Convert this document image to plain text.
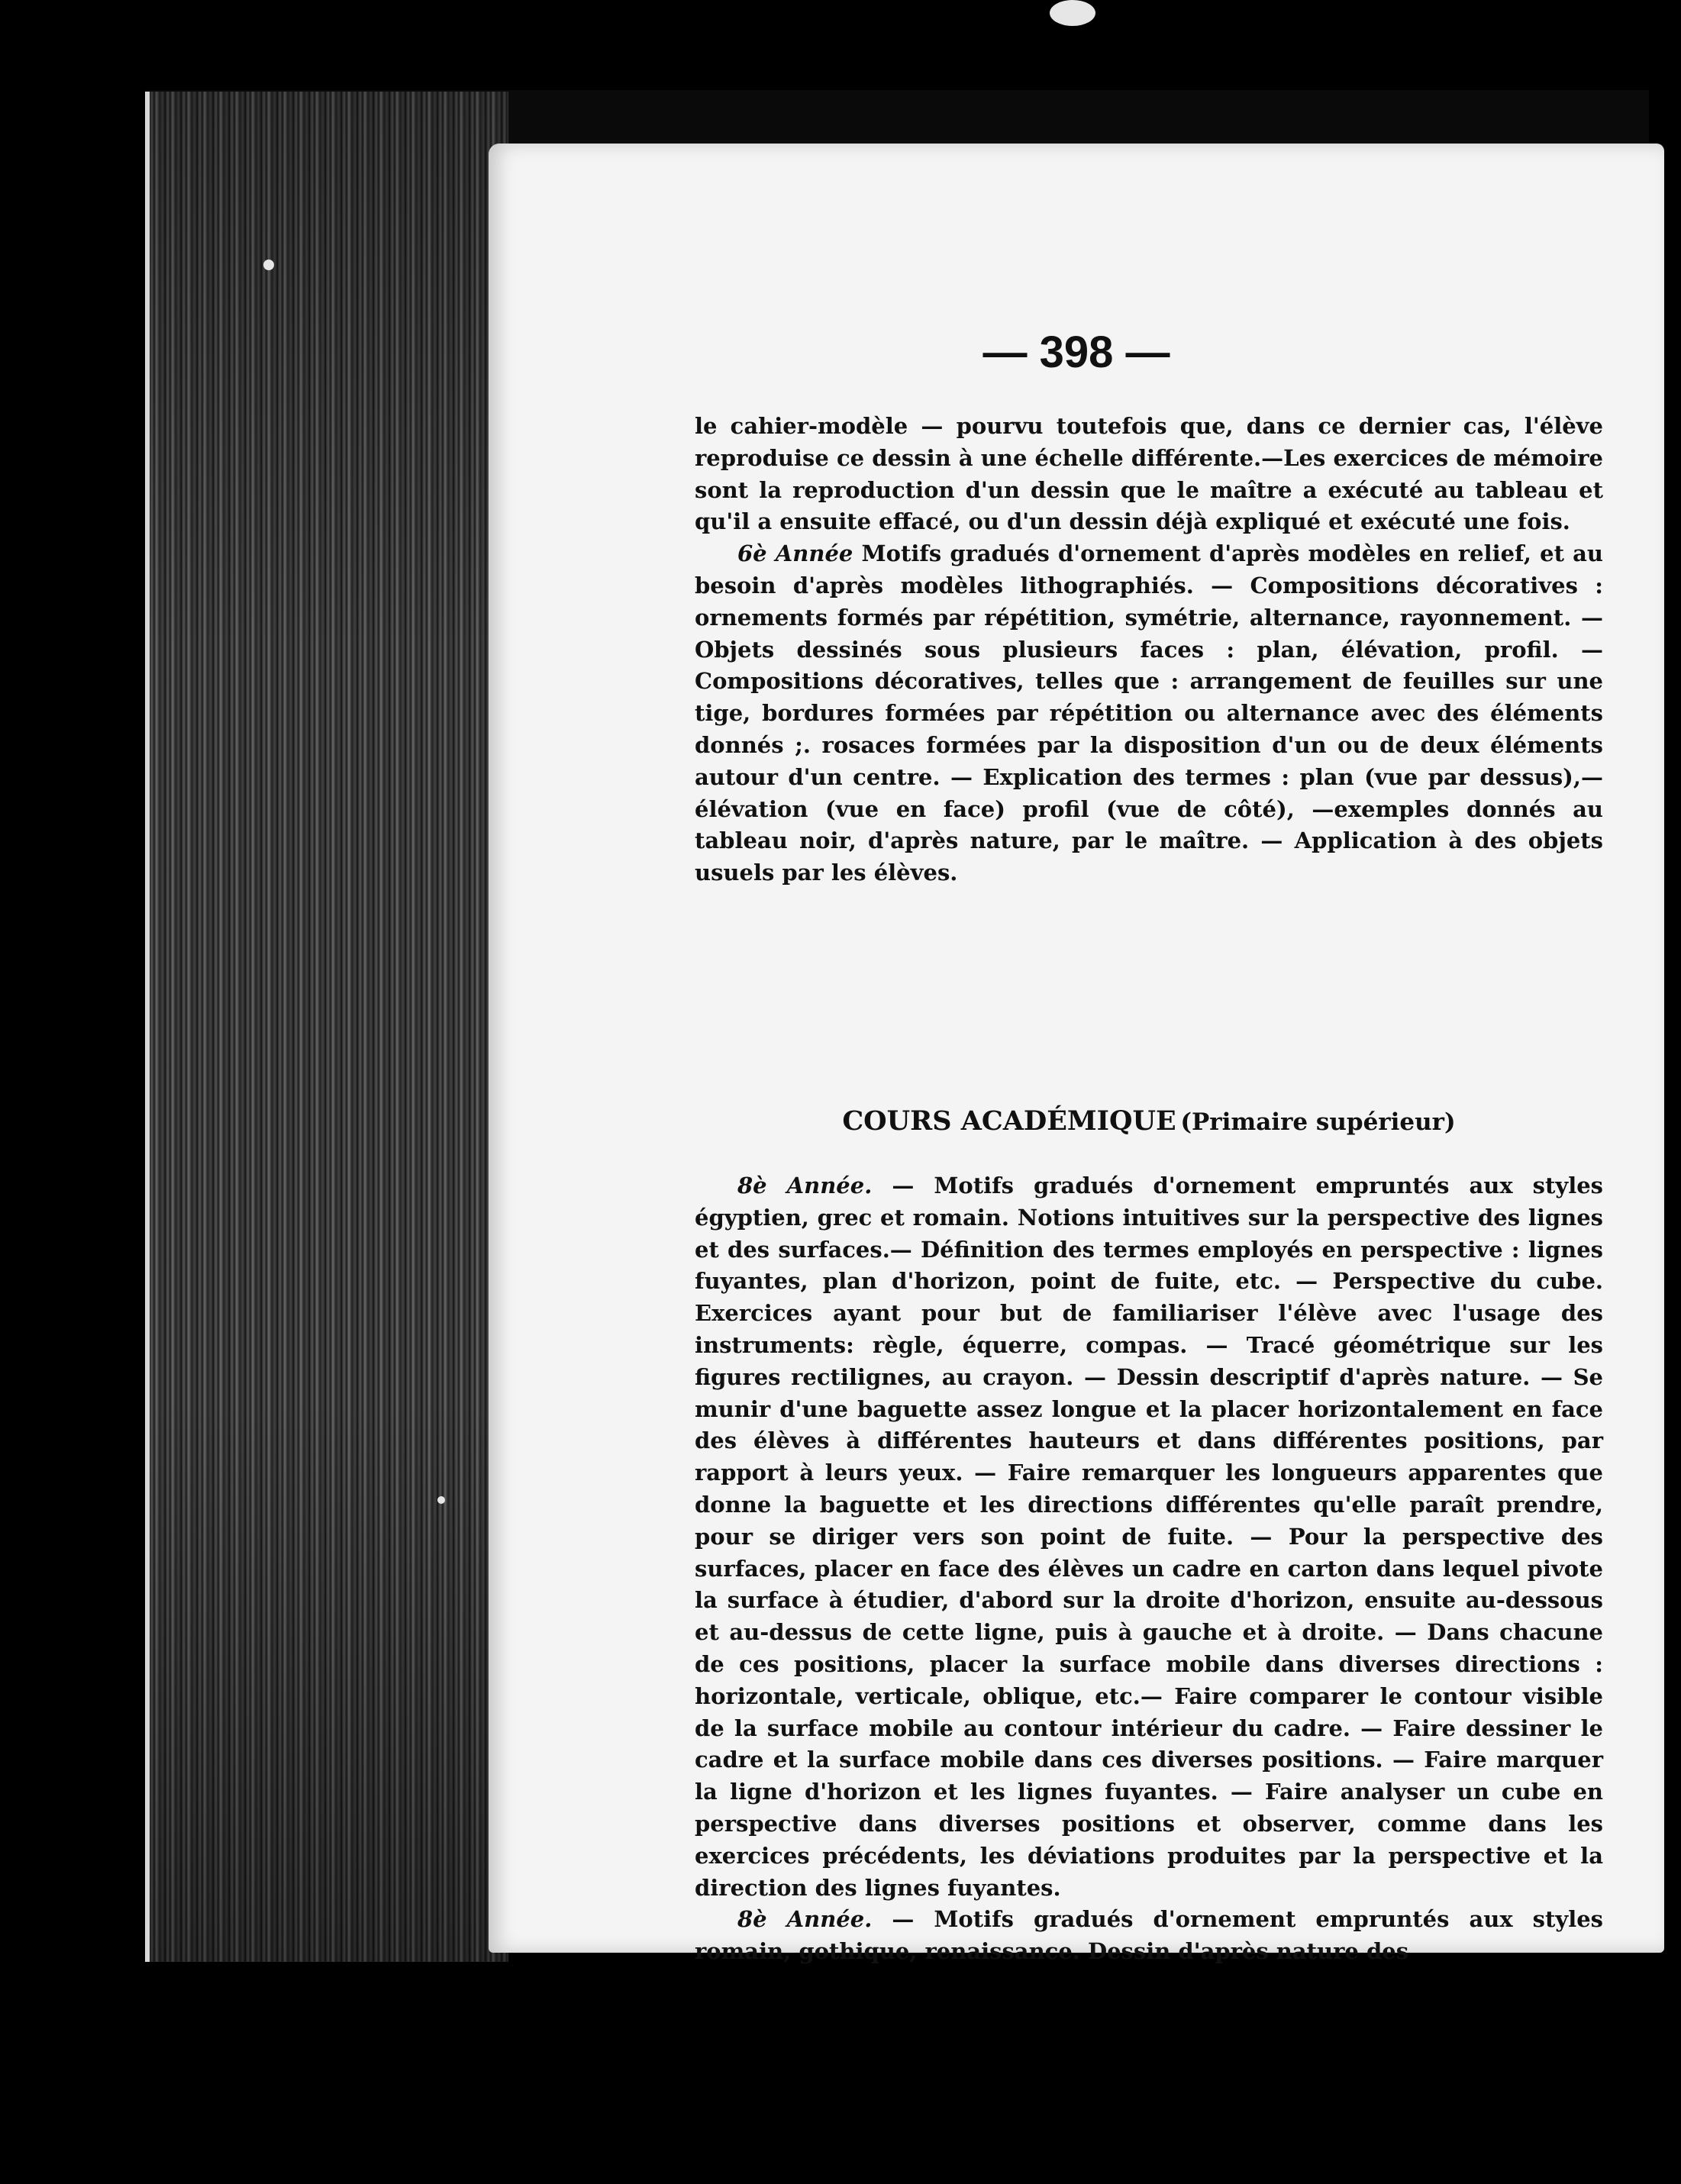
— 398 —

le cahier-modèle — pourvu toutefois que, dans ce dernier cas, l'élève reproduise ce dessin à une échelle différente.—Les exercices de mémoire sont la reproduction d'un dessin que le maître a exécuté au tableau et qu'il a ensuite effacé, ou d'un dessin déjà expliqué et exécuté une fois.

6è Année Motifs gradués d'ornement d'après modèles en relief, et au besoin d'après modèles lithographiés. — Compositions décoratives : ornements formés par répétition, symétrie, alternance, rayonnement. — Objets dessinés sous plusieurs faces : plan, élévation, profil. — Compositions décoratives, telles que : arrangement de feuilles sur une tige, bordures formées par répétition ou alternance avec des éléments donnés ;. rosaces formées par la disposition d'un ou de deux éléments autour d'un centre. — Explication des termes : plan (vue par dessus),—élévation (vue en face) profil (vue de côté), —exemples donnés au tableau noir, d'après nature, par le maître. — Application à des objets usuels par les élèves.

COURS ACADÉMIQUE (Primaire supérieur)

8è Année. — Motifs gradués d'ornement empruntés aux styles égyptien, grec et romain. Notions intuitives sur la perspective des lignes et des surfaces.— Définition des termes employés en perspective : lignes fuyantes, plan d'horizon, point de fuite, etc. — Perspective du cube. Exercices ayant pour but de familiariser l'élève avec l'usage des instruments: règle, équerre, compas. — Tracé géométrique sur les figures rectilignes, au crayon. — Dessin descriptif d'après nature. — Se munir d'une baguette assez longue et la placer horizontalement en face des élèves à différentes hauteurs et dans différentes positions, par rapport à leurs yeux. — Faire remarquer les longueurs apparentes que donne la baguette et les directions différentes qu'elle paraît prendre, pour se diriger vers son point de fuite. — Pour la perspective des surfaces, placer en face des élèves un cadre en carton dans lequel pivote la surface à étudier, d'abord sur la droite d'horizon, ensuite au-dessous et au-dessus de cette ligne, puis à gauche et à droite. — Dans chacune de ces positions, placer la surface mobile dans diverses directions : horizontale, verticale, oblique, etc.— Faire comparer le contour visible de la surface mobile au contour intérieur du cadre. — Faire dessiner le cadre et la surface mobile dans ces diverses positions. — Faire marquer la ligne d'horizon et les lignes fuyantes. — Faire analyser un cube en perspective dans diverses positions et observer, comme dans les exercices précédents, les déviations produites par la perspective et la direction des lignes fuyantes.

8è Année. — Motifs gradués d'ornement empruntés aux styles romain, gothique, renaissance. Dessin d'après nature des
